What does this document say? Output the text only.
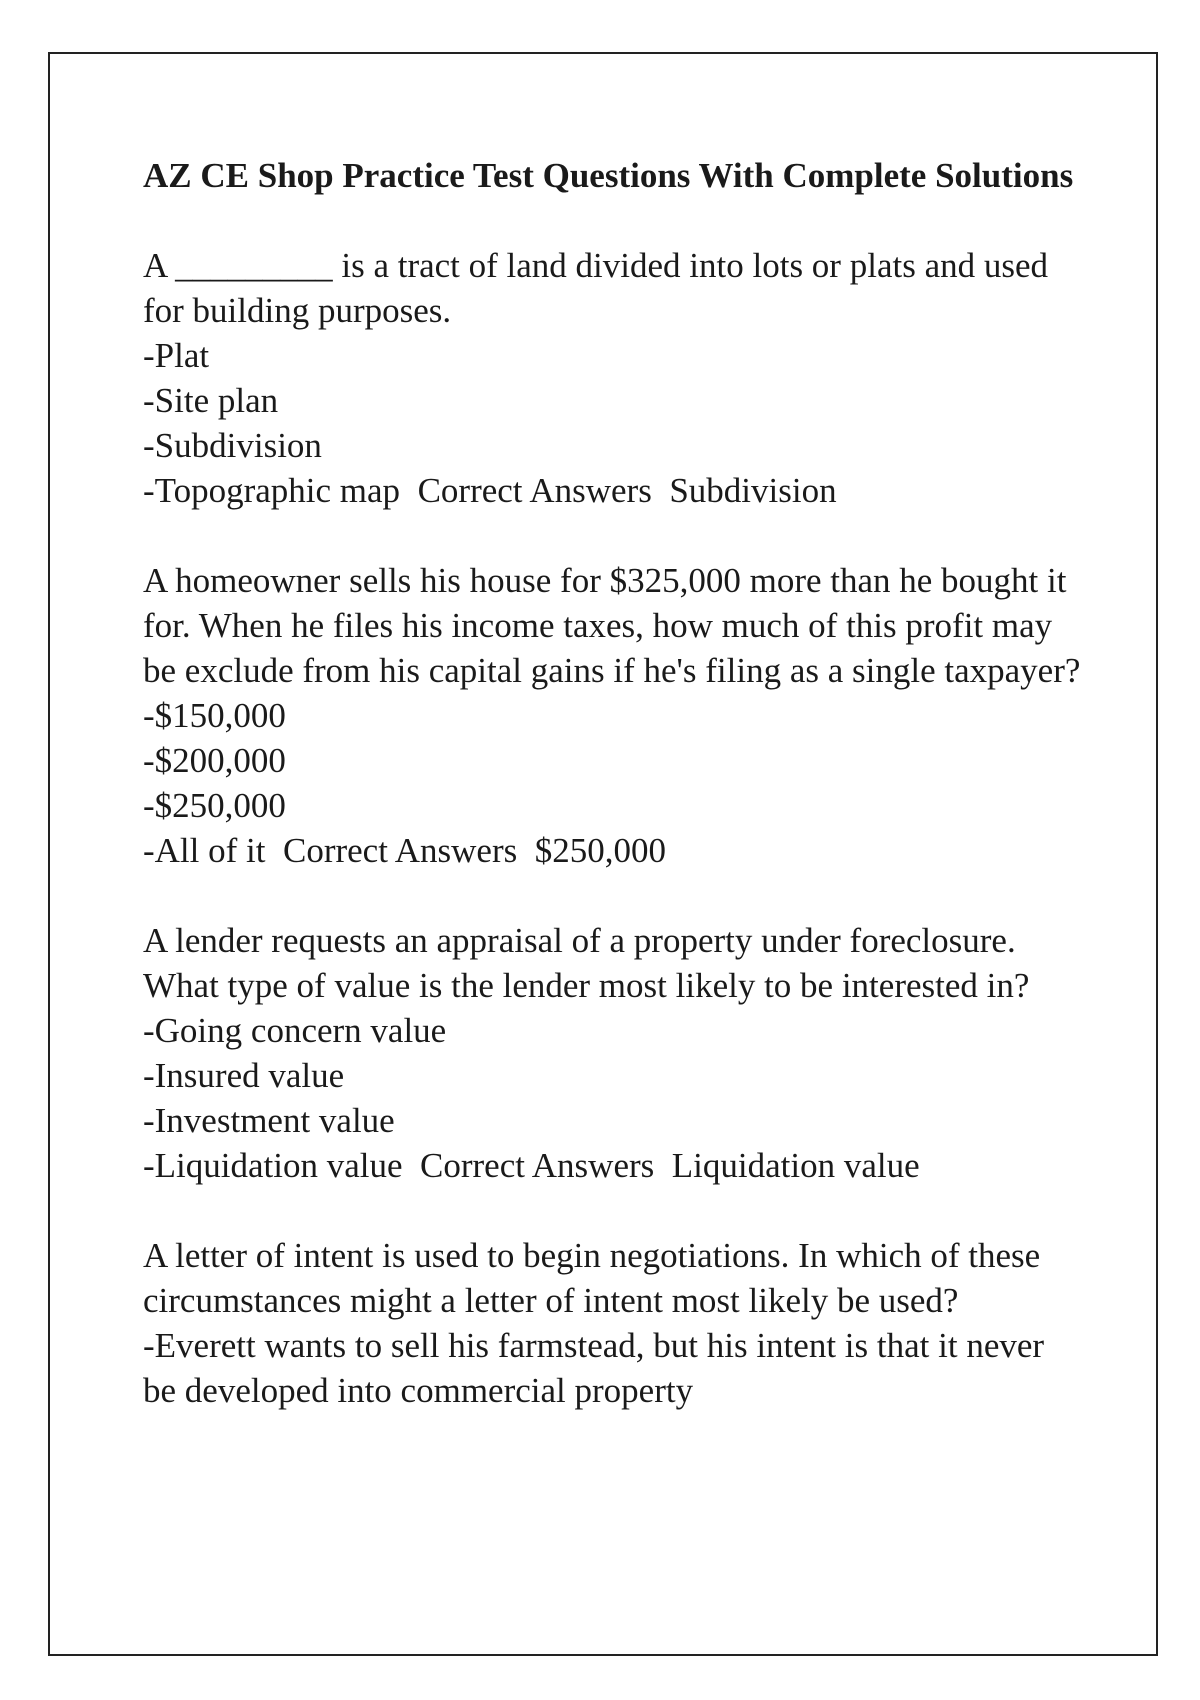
AZ CE Shop Practice Test Questions With Complete Solutions
A _________ is a tract of land divided into lots or plats and used for building purposes.
-Plat
-Site plan
-Subdivision
-Topographic map Correct Answers Subdivision
A homeowner sells his house for $325,000 more than he bought it for. When he files his income taxes, how much of this profit may be exclude from his capital gains if he's filing as a single taxpayer?
-$150,000
-$200,000
-$250,000
-All of it Correct Answers $250,000
A lender requests an appraisal of a property under foreclosure. What type of value is the lender most likely to be interested in?
-Going concern value
-Insured value
-Investment value
-Liquidation value Correct Answers Liquidation value
A letter of intent is used to begin negotiations. In which of these circumstances might a letter of intent most likely be used?
-Everett wants to sell his farmstead, but his intent is that it never be developed into commercial property
